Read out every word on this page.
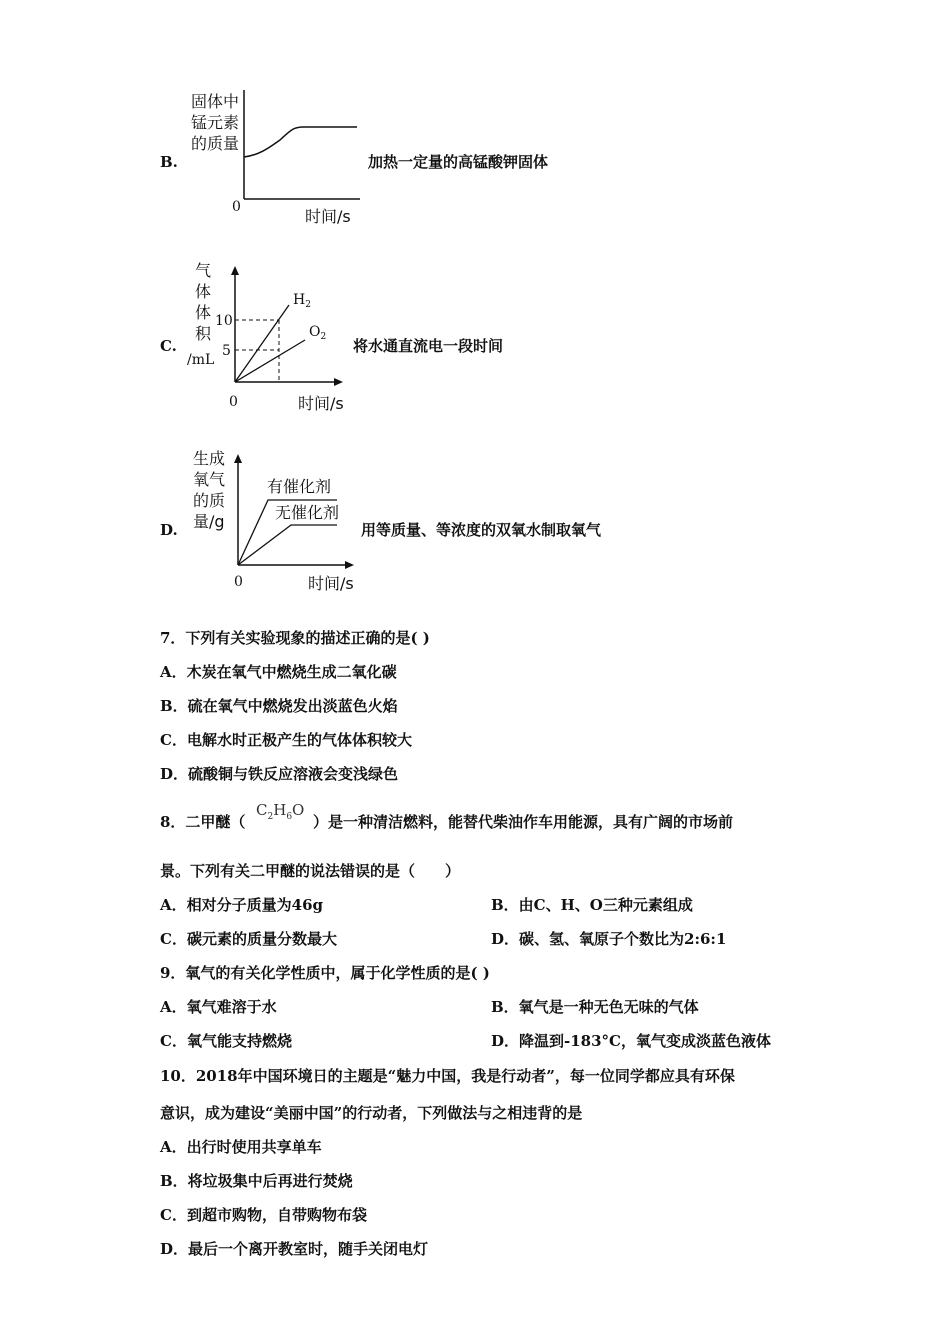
B.
固体中
锰元素
的质量
0	时间/s
加热一定量的高锰酸钾固体
C.
气
体
体
积
/mL
10
5
$H_2$
$O_2$
0	时间/s
将水通直流电一段时间
D.
生成
氧气
的质
量/g
有催化剂
无催化剂
0	时间/s
用等质量、等浓度的双氧水制取氧气
7．下列有关实验现象的描述正确的是( )
A．木炭在氧气中燃烧生成二氧化碳
B．硫在氧气中燃烧发出淡蓝色火焰
C．电解水时正极产生的气体体积较大
D．硫酸铜与铁反应溶液会变浅绿色
8．二甲醚（
$C_2H_6O$
）是一种清洁燃料，能替代柴油作车用能源，具有广阔的市场前
景。下列有关二甲醚的说法错误的是（　　）
A．相对分子质量为46g	B．由C、H、O三种元素组成
C．碳元素的质量分数最大	D．碳、氢、氧原子个数比为2:6:1
9．氧气的有关化学性质中，属于化学性质的是( )
A．氧气难溶于水	B．氧气是一种无色无味的气体
C．氧气能支持燃烧	D．降温到-183°C，氧气变成淡蓝色液体
10．2018年中国环境日的主题是“魅力中国，我是行动者”，每一位同学都应具有环保
意识，成为建设“美丽中国”的行动者，下列做法与之相违背的是
A．出行时使用共享单车
B．将垃圾集中后再进行焚烧
C．到超市购物，自带购物布袋
D．最后一个离开教室时，随手关闭电灯
